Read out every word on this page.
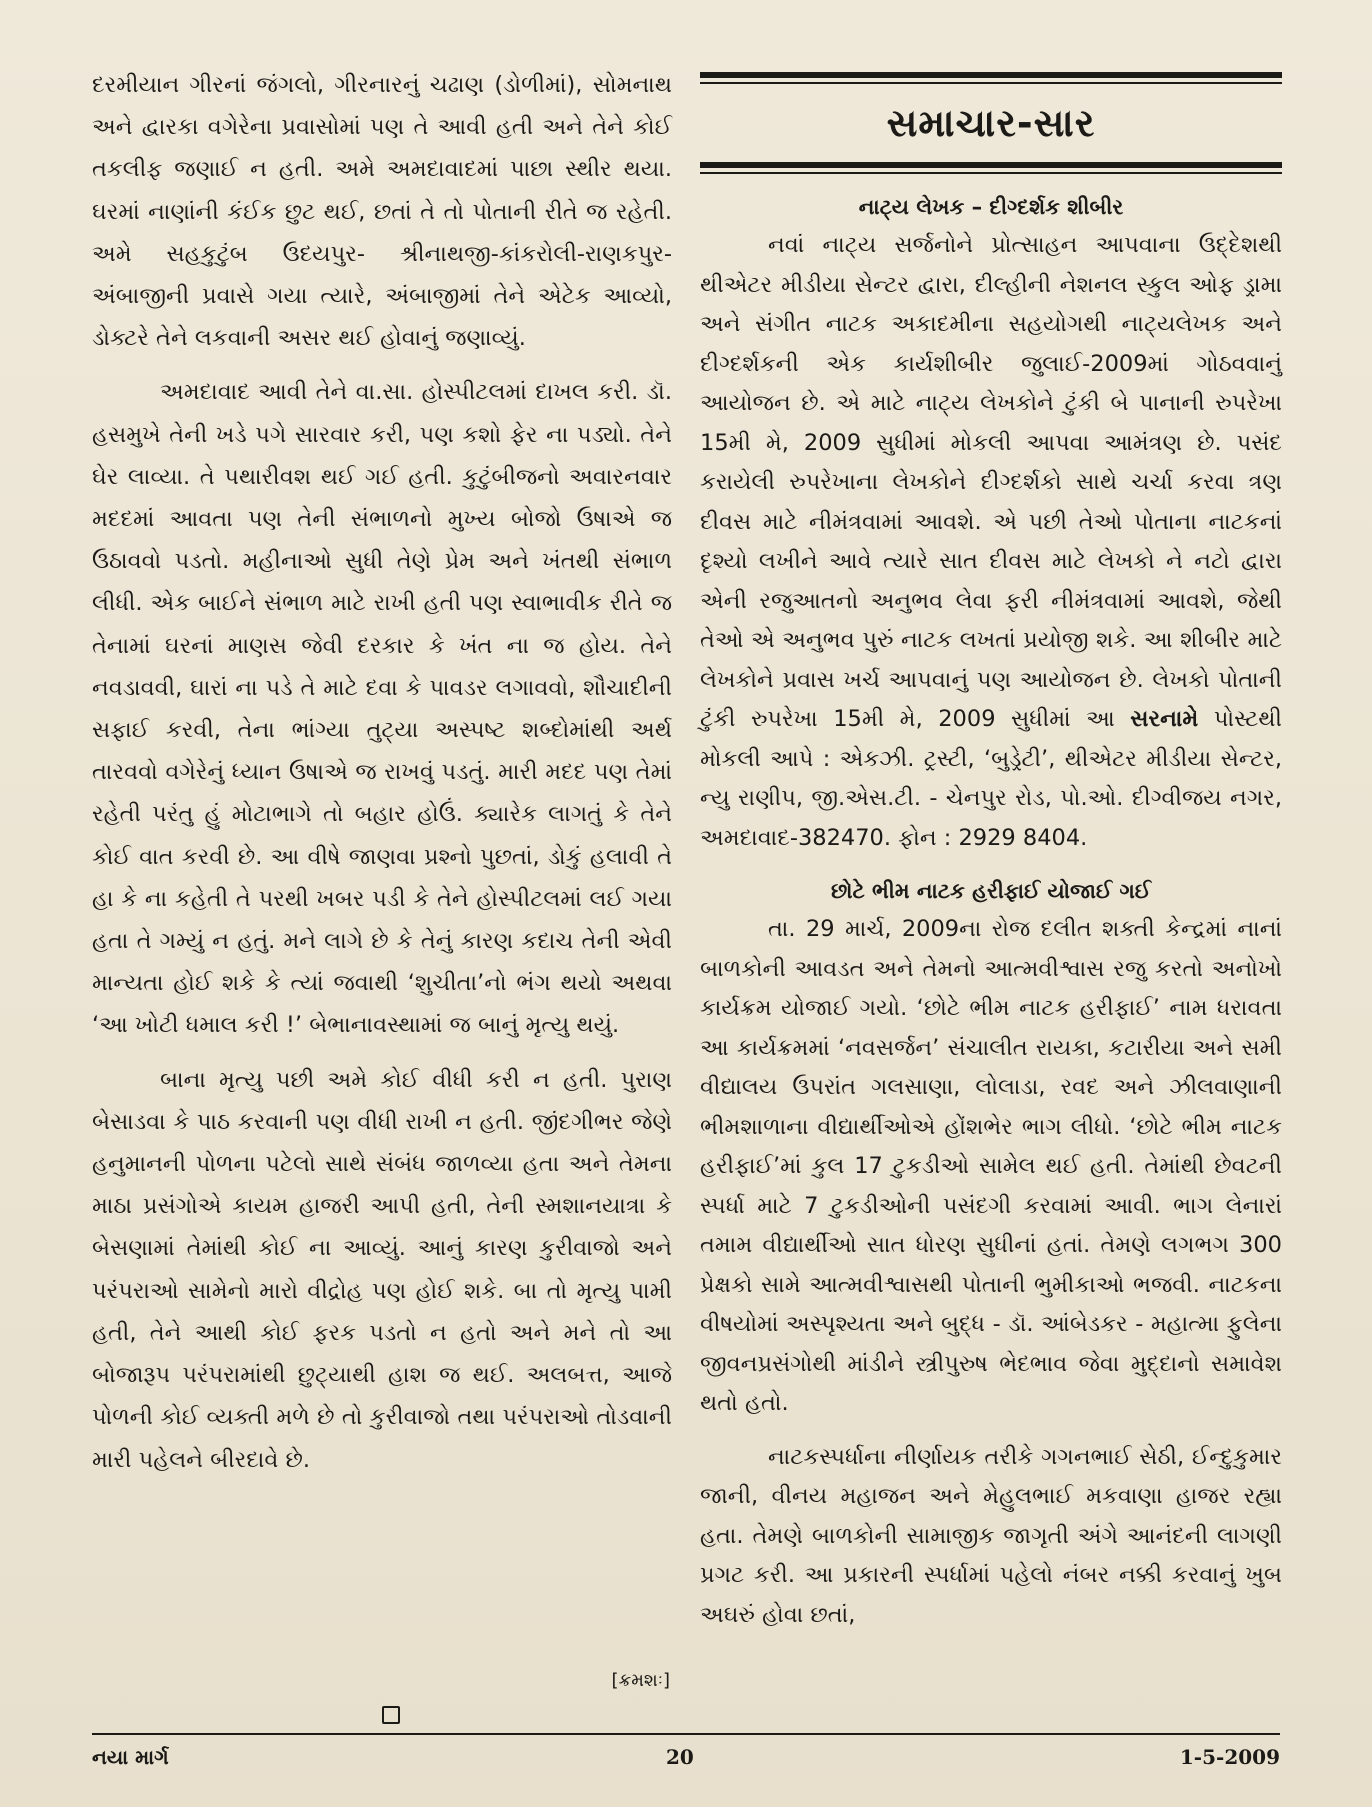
દરમીયાન ગીરનાં જંગલો, ગીરનારનું ચઢાણ (ડોળીમાં), સોમનાથ અને દ્વારકા વગેરેના પ્રવાસોમાં પણ તે આવી હતી અને તેને કોઈ તકલીફ જણાઈ ન હતી. અમે અમદાવાદમાં પાછા સ્થીર થયા. ઘરમાં નાણાંની કંઈક છુટ થઈ, છતાં તે તો પોતાની રીતે જ રહેતી. અમે સહકુટુંબ ઉદયપુર- શ્રીનાથજી-કાંકરોલી-રાણકપુર-અંબાજીની પ્રવાસે ગયા ત્યારે, અંબાજીમાં તેને એટેક આવ્યો, ડોક્ટરે તેને લકવાની અસર થઈ હોવાનું જણાવ્યું.

અમદાવાદ આવી તેને વા.સા. હોસ્પીટલમાં દાખલ કરી. ડૉ. હસમુખે તેની ખડે પગે સારવાર કરી, પણ કશો ફેર ના પડ્યો. તેને ઘેર લાવ્યા. તે પથારીવશ થઈ ગઈ હતી. કુટુંબીજનો અવારનવાર મદદમાં આવતા પણ તેની સંભાળનો મુખ્ય બોજો ઉષાએ જ ઉઠાવવો પડતો. મહીનાઓ સુધી તેણે પ્રેમ અને ખંતથી સંભાળ લીધી. એક બાઈને સંભાળ માટે રાખી હતી પણ સ્વાભાવીક રીતે જ તેનામાં ઘરનાં માણસ જેવી દરકાર કે ખંત ના જ હોય. તેને નવડાવવી, ઘારાં ના પડે તે માટે દવા કે પાવડર લગાવવો, શૌચાદીની સફાઈ કરવી, તેના ભાંગ્યા તુટ્યા અસ્પષ્ટ શબ્દોમાંથી અર્થ તારવવો વગેરેનું ધ્યાન ઉષાએ જ રાખવું પડતું. મારી મદદ પણ તેમાં રહેતી પરંતુ હું મોટાભાગે તો બહાર હોઉં. ક્યારેક લાગતું કે તેને કોઈ વાત કરવી છે. આ વીષે જાણવા પ્રશ્નો પુછતાં, ડોકું હલાવી તે હા કે ના કહેતી તે પરથી ખબર પડી કે તેને હોસ્પીટલમાં લઈ ગયા હતા તે ગમ્યું ન હતું. મને લાગે છે કે તેનું કારણ કદાચ તેની એવી માન્યતા હોઈ શકે કે ત્યાં જવાથી ‘શુચીતા’નો ભંગ થયો અથવા ‘આ ખોટી ધમાલ કરી !’ બેભાનાવસ્થામાં જ બાનું મૃત્યુ થયું.

બાના મૃત્યુ પછી અમે કોઈ વીધી કરી ન હતી. પુરાણ બેસાડવા કે પાઠ કરવાની પણ વીધી રાખી ન હતી. જીંદગીભર જેણે હનુમાનની પોળના પટેલો સાથે સંબંધ જાળવ્યા હતા અને તેમના માઠા પ્રસંગોએ કાયમ હાજરી આપી હતી, તેની સ્મશાનયાત્રા કે બેસણામાં તેમાંથી કોઈ ના આવ્યું. આનું કારણ કુરીવાજો અને પરંપરાઓ સામેનો મારો વીદ્રોહ પણ હોઈ શકે. બા તો મૃત્યુ પામી હતી, તેને આથી કોઈ ફરક પડતો ન હતો અને મને તો આ બોજારૂપ પરંપરામાંથી છુટ્યાથી હાશ જ થઈ. અલબત્ત, આજે પોળની કોઈ વ્યક્તી મળે છે તો કુરીવાજો તથા પરંપરાઓ તોડવાની મારી પહેલને બીરદાવે છે.

[ક્રમશઃ]
સમાચાર-સાર
નાટ્ય લેખક – દીગ્દર્શક શીબીર

નવાં નાટ્ય સર્જનોને પ્રોત્સાહન આપવાના ઉદ્દેશથી થીએટર મીડીયા સેન્ટર દ્વારા, દીલ્હીની નેશનલ સ્કુલ ઓફ ડ્રામા અને સંગીત નાટક અકાદમીના સહયોગથી નાટ્યલેખક અને દીગ્દર્શકની એક કાર્યશીબીર જુલાઈ-2009માં ગોઠવવાનું આયોજન છે. એ માટે નાટ્ય લેખકોને ટુંકી બે પાનાની રુપરેખા 15મી મે, 2009 સુધીમાં મોકલી આપવા આમંત્રણ છે. પસંદ કરાયેલી રુપરેખાના લેખકોને દીગ્દર્શકો સાથે ચર્ચા કરવા ત્રણ દીવસ માટે નીમંત્રવામાં આવશે. એ પછી તેઓ પોતાના નાટકનાં દૃશ્યો લખીને આવે ત્યારે સાત દીવસ માટે લેખકો ને નટો દ્વારા એની રજુઆતનો અનુભવ લેવા ફરી નીમંત્રવામાં આવશે, જેથી તેઓ એ અનુભવ પુરું નાટક લખતાં પ્રયોજી શકે. આ શીબીર માટે લેખકોને પ્રવાસ ખર્ચ આપવાનું પણ આયોજન છે. લેખકો પોતાની ટુંકી રુપરેખા 15મી મે, 2009 સુધીમાં આ સરનામે પોસ્ટથી મોકલી આપે : એકઝી. ટ્રસ્ટી, ‘બુડ્રેટી’, થીએટર મીડીયા સેન્ટર, ન્યુ રાણીપ, જી.એસ.ટી. - ચેનપુર રોડ, પો.ઓ. દીગ્વીજય નગર, અમદાવાદ-382470. ફોન : 2929 8404.

છોટે ભીમ નાટક હરીફાઈ યોજાઈ ગઈ

તા. 29 માર્ચ, 2009ના રોજ દલીત શક્તી કેન્દ્રમાં નાનાં બાળકોની આવડત અને તેમનો આત્મવીશ્વાસ રજુ કરતો અનોખો કાર્યક્રમ યોજાઈ ગયો. ‘છોટે ભીમ નાટક હરીફાઈ’ નામ ધરાવતા આ કાર્યક્રમમાં ‘નવસર્જન’ સંચાલીત રાયકા, કટારીયા અને સમી વીદ્યાલય ઉપરાંત ગલસાણા, લોલાડા, રવદ અને ઝીલવાણાની ભીમશાળાના વીદ્યાર્થીઓએ હોંશભેર ભાગ લીધો. ‘છોટે ભીમ નાટક હરીફાઈ’માં કુલ 17 ટુકડીઓ સામેલ થઈ હતી. તેમાંથી છેવટની સ્પર્ધા માટે 7 ટુકડીઓની પસંદગી કરવામાં આવી. ભાગ લેનારાં તમામ વીદ્યાર્થીઓ સાત ધોરણ સુધીનાં હતાં. તેમણે લગભગ 300 પ્રેક્ષકો સામે આત્મવીશ્વાસથી પોતાની ભુમીકાઓ ભજવી. નાટકના વીષયોમાં અસ્પૃશ્યતા અને બુદ્ધ - ડૉ. આંબેડકર - મહાત્મા ફુલેના જીવનપ્રસંગોથી માંડીને સ્ત્રીપુરુષ ભેદભાવ જેવા મુદ્દાનો સમાવેશ થતો હતો.

નાટકસ્પર્ધાના નીર્ણાયક તરીકે ગગનભાઈ સેઠી, ઈન્દુકુમાર જાની, વીનય મહાજન અને મેહુલભાઈ મકવાણા હાજર રહ્યા હતા. તેમણે બાળકોની સામાજીક જાગૃતી અંગે આનંદની લાગણી પ્રગટ કરી. આ પ્રકારની સ્પર્ધામાં પહેલો નંબર નક્કી કરવાનું ખુબ અઘરું હોવા છતાં,

નયા માર્ગ	20	1-5-2009
